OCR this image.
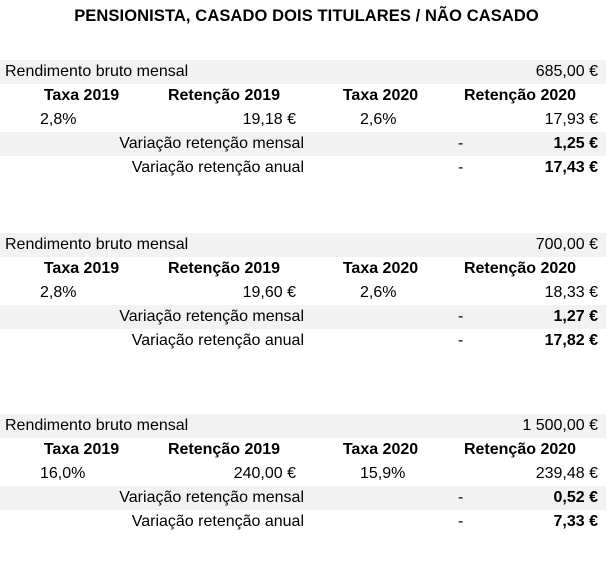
PENSIONISTA, CASADO DOIS TITULARES / NÃO CASADO
Rendimento bruto mensal	685,00 €
Taxa 2019	Retenção 2019	Taxa 2020	Retenção 2020
2,8%	19,18 €	2,6%	17,93 €
Variação retenção mensal	-	1,25 €
Variação retenção anual	-	17,43 €
Rendimento bruto mensal	700,00 €
Taxa 2019	Retenção 2019	Taxa 2020	Retenção 2020
2,8%	19,60 €	2,6%	18,33 €
Variação retenção mensal	-	1,27 €
Variação retenção anual	-	17,82 €
Rendimento bruto mensal	1 500,00 €
Taxa 2019	Retenção 2019	Taxa 2020	Retenção 2020
16,0%	240,00 €	15,9%	239,48 €
Variação retenção mensal	-	0,52 €
Variação retenção anual	-	7,33 €
